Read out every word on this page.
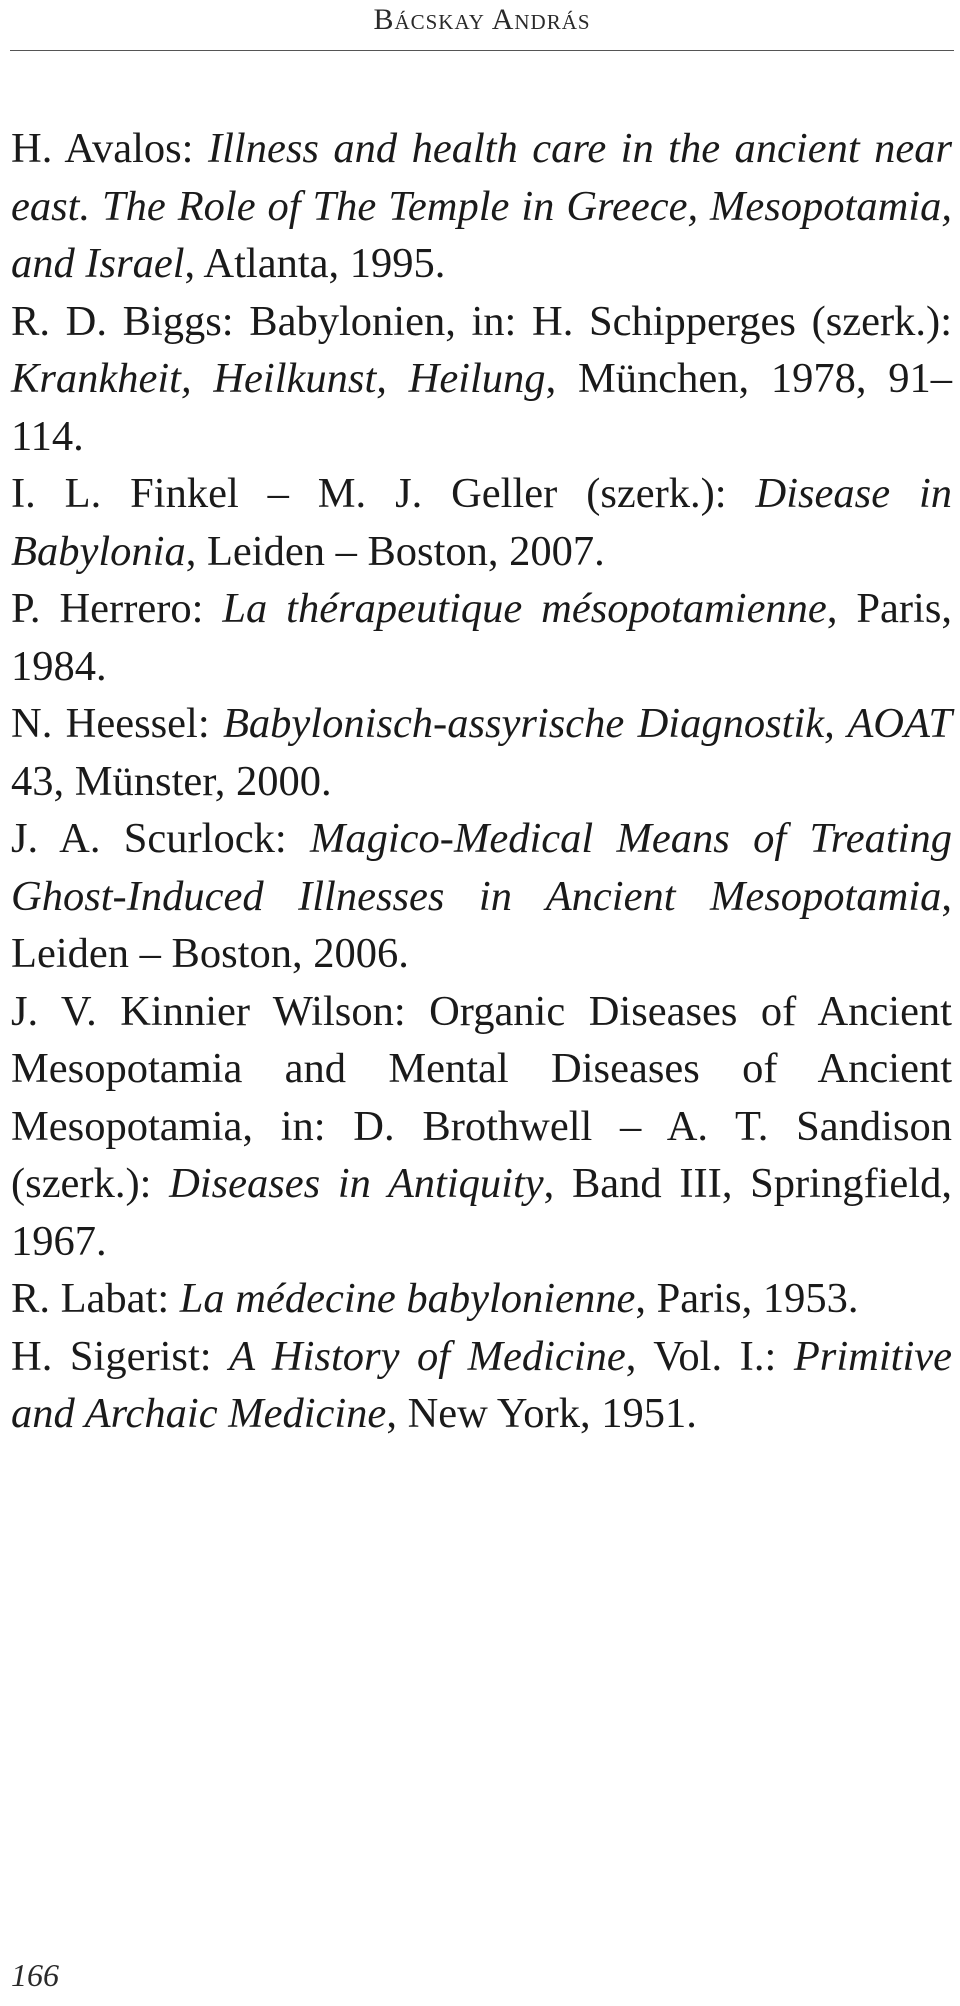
Bácskay András

H. Avalos: Illness and health care in the ancient near east. The Role of The Temple in Greece, Mesopotamia, and Israel, Atlanta, 1995.

R. D. Biggs: Babylonien, in: H. Schipperges (szerk.): Krankheit, Heilkunst, Heilung, München, 1978, 91–114.

I. L. Finkel – M. J. Geller (szerk.): Disease in Babylonia, Leiden – Boston, 2007.

P. Herrero: La thérapeutique mésopotamienne, Paris, 1984.

N. Heessel: Babylonisch-assyrische Diagnostik, AOAT 43, Münster, 2000.

J. A. Scurlock: Magico-Medical Means of Treating Ghost-Induced Illnesses in Ancient Mesopotamia, Leiden – Boston, 2006.

J. V. Kinnier Wilson: Organic Diseases of Ancient Mesopotamia and Mental Diseases of Ancient Mesopotamia, in: D. Brothwell – A. T. Sandison (szerk.): Diseases in Antiquity, Band III, Springfield, 1967.

R. Labat: La médecine babylonienne, Paris, 1953.

H. Sigerist: A History of Medicine, Vol. I.: Primitive and Archaic Medicine, New York, 1951.

166
